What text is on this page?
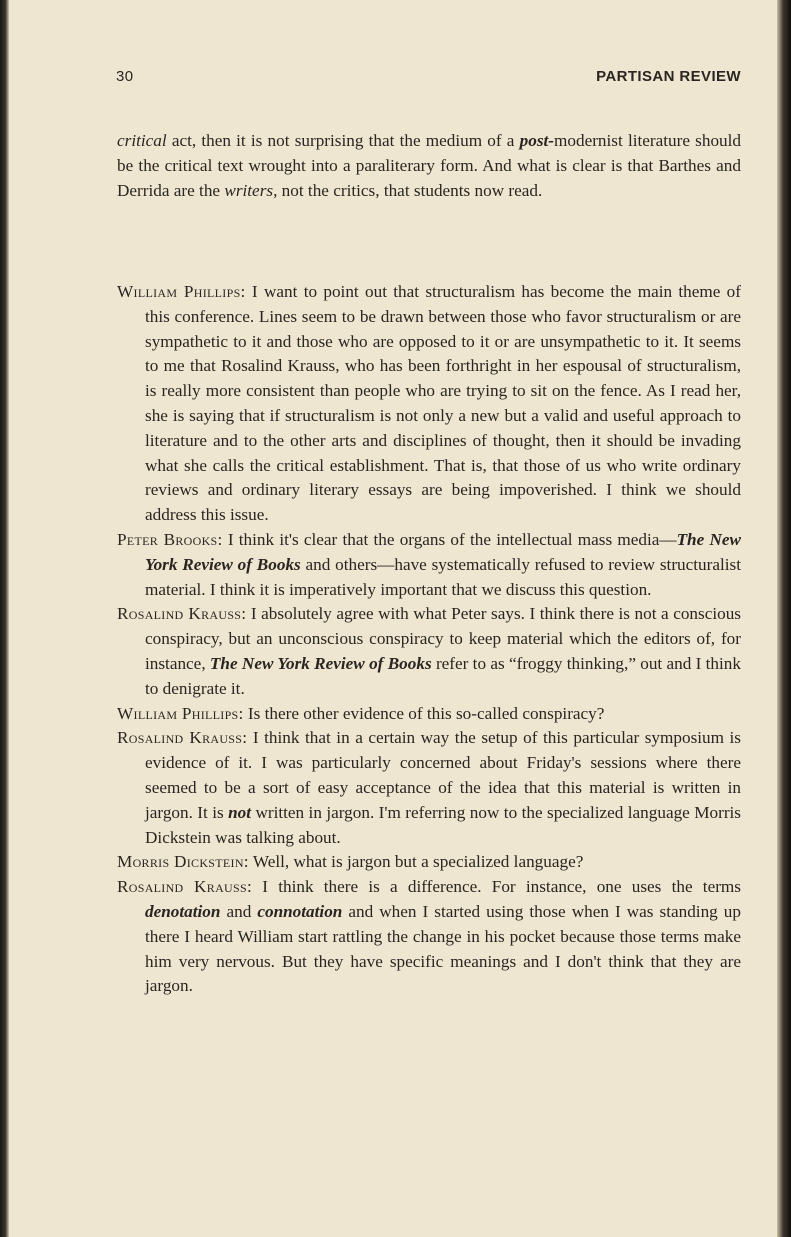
30	PARTISAN REVIEW

critical act, then it is not surprising that the medium of a post-modernist literature should be the critical text wrought into a paraliterary form. And what is clear is that Barthes and Derrida are the writers, not the critics, that students now read.

William Phillips: I want to point out that structuralism has become the main theme of this conference. Lines seem to be drawn between those who favor structuralism or are sympathetic to it and those who are opposed to it or are unsympathetic to it. It seems to me that Rosalind Krauss, who has been forthright in her espousal of structuralism, is really more consistent than people who are trying to sit on the fence. As I read her, she is saying that if structuralism is not only a new but a valid and useful approach to literature and to the other arts and disciplines of thought, then it should be invading what she calls the critical establishment. That is, that those of us who write ordinary reviews and ordinary literary essays are being impoverished. I think we should address this issue.

Peter Brooks: I think it's clear that the organs of the intellectual mass media—The New York Review of Books and others—have systematically refused to review structuralist material. I think it is imperatively important that we discuss this question.

Rosalind Krauss: I absolutely agree with what Peter says. I think there is not a conscious conspiracy, but an unconscious conspiracy to keep material which the editors of, for instance, The New York Review of Books refer to as “froggy thinking,” out and I think to denigrate it.

William Phillips: Is there other evidence of this so-called conspiracy?

Rosalind Krauss: I think that in a certain way the setup of this particular symposium is evidence of it. I was particularly concerned about Friday's sessions where there seemed to be a sort of easy acceptance of the idea that this material is written in jargon. It is not written in jargon. I'm referring now to the specialized language Morris Dickstein was talking about.

Morris Dickstein: Well, what is jargon but a specialized language?

Rosalind Krauss: I think there is a difference. For instance, one uses the terms denotation and connotation and when I started using those when I was standing up there I heard William start rattling the change in his pocket because those terms make him very nervous. But they have specific meanings and I don't think that they are jargon.
